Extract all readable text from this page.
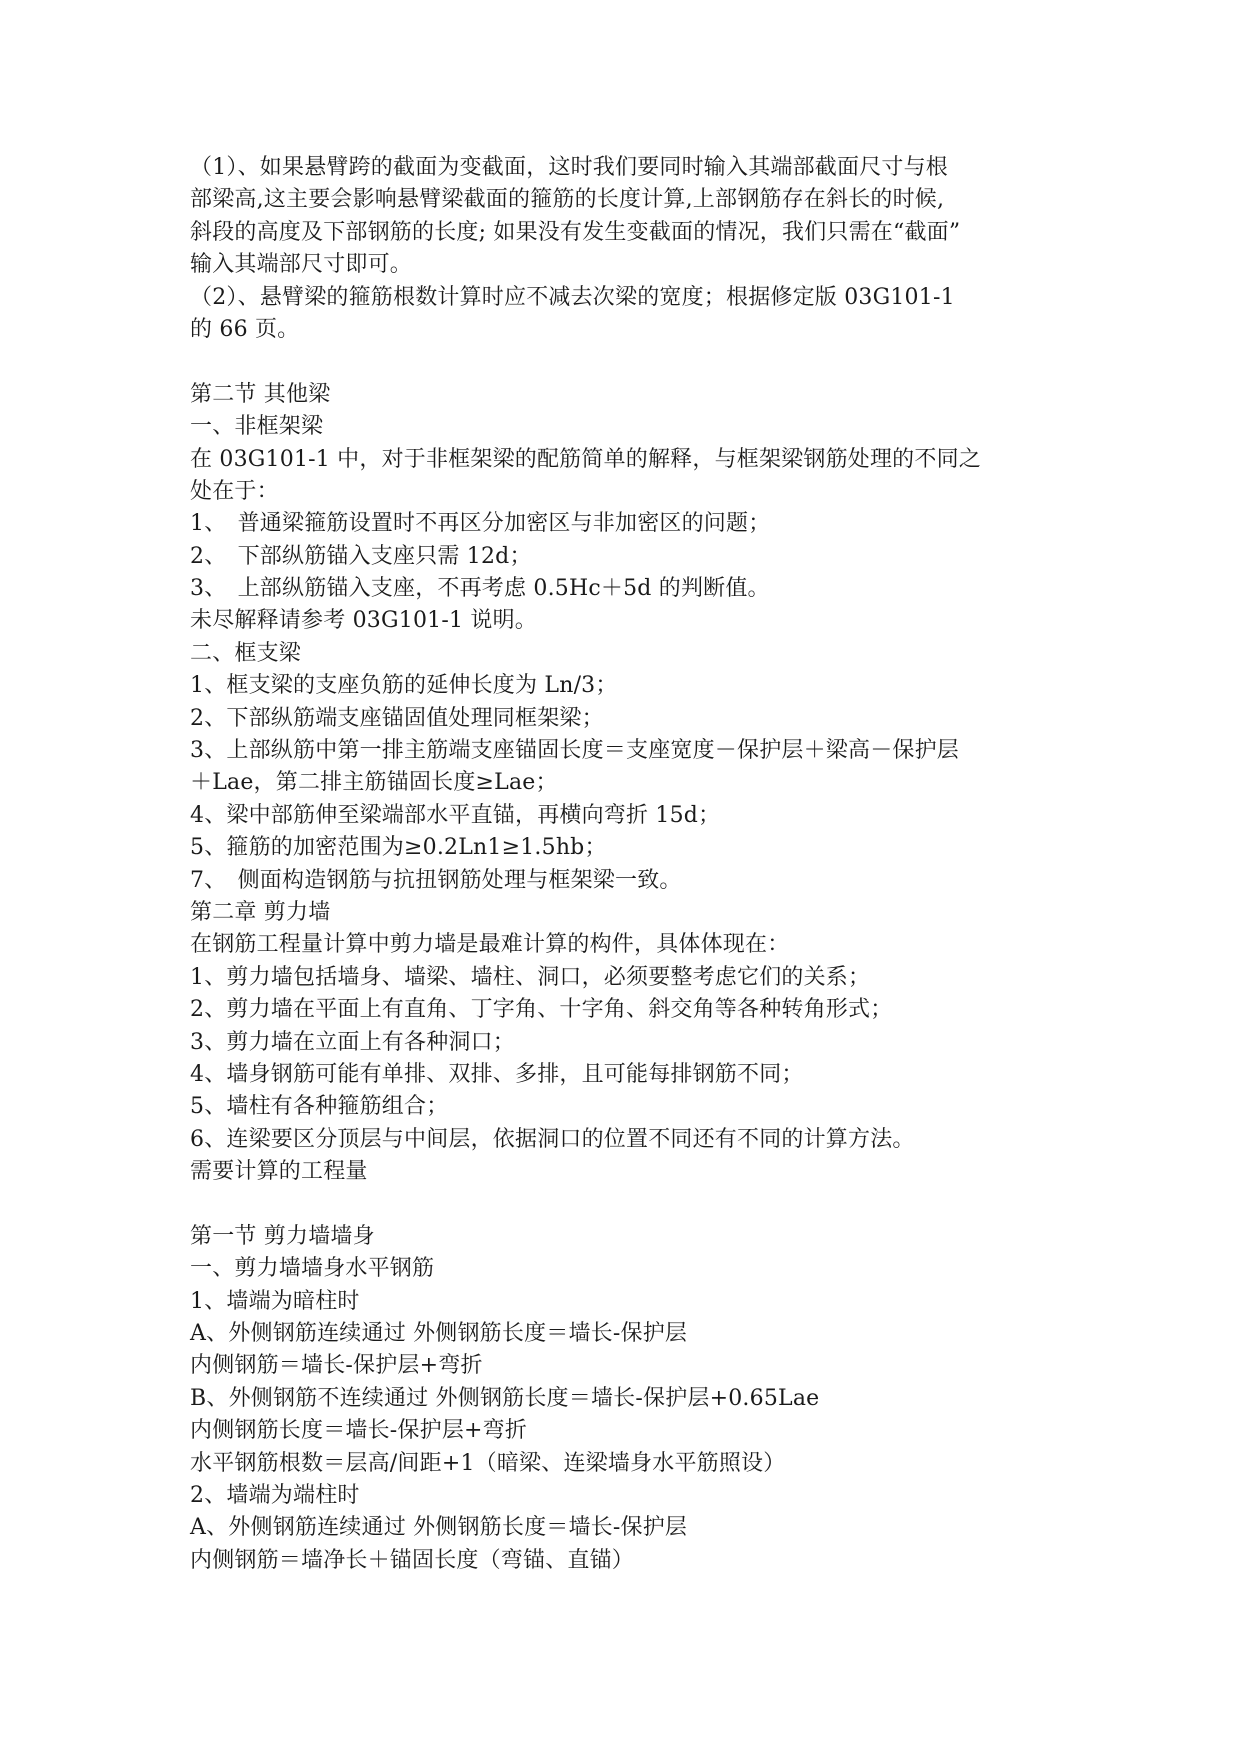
（1）、如果悬臂跨的截面为变截面，这时我们要同时输入其端部截面尺寸与根
部梁高,这主要会影响悬臂梁截面的箍筋的长度计算,上部钢筋存在斜长的时候,
斜段的高度及下部钢筋的长度; 如果没有发生变截面的情况，我们只需在“截面”
输入其端部尺寸即可。
（2）、悬臂梁的箍筋根数计算时应不减去次梁的宽度；根据修定版 03G101-1
的 66 页。
第二节 其他梁
一、非框架梁
在 03G101-1 中，对于非框架梁的配筋简单的解释，与框架梁钢筋处理的不同之
处在于：
1、　普通梁箍筋设置时不再区分加密区与非加密区的问题；
2、　下部纵筋锚入支座只需 12d；
3、　上部纵筋锚入支座，不再考虑 0.5Hc＋5d 的判断值。
未尽解释请参考 03G101-1 说明。
二、框支梁
1、框支梁的支座负筋的延伸长度为 Ln/3；
2、下部纵筋端支座锚固值处理同框架梁；
3、上部纵筋中第一排主筋端支座锚固长度＝支座宽度－保护层＋梁高－保护层
＋Lae，第二排主筋锚固长度≥Lae；
4、梁中部筋伸至梁端部水平直锚，再横向弯折 15d；
5、箍筋的加密范围为≥0.2Ln1≥1.5hb；
7、　侧面构造钢筋与抗扭钢筋处理与框架梁一致。
第二章 剪力墙
在钢筋工程量计算中剪力墙是最难计算的构件，具体体现在：
1、剪力墙包括墙身、墙梁、墙柱、洞口，必须要整考虑它们的关系；
2、剪力墙在平面上有直角、丁字角、十字角、斜交角等各种转角形式；
3、剪力墙在立面上有各种洞口；
4、墙身钢筋可能有单排、双排、多排，且可能每排钢筋不同；
5、墙柱有各种箍筋组合；
6、连梁要区分顶层与中间层，依据洞口的位置不同还有不同的计算方法。
需要计算的工程量
第一节 剪力墙墙身
一、剪力墙墙身水平钢筋
1、墙端为暗柱时
A、外侧钢筋连续通过 外侧钢筋长度＝墙长-保护层
内侧钢筋＝墙长-保护层+弯折
B、外侧钢筋不连续通过 外侧钢筋长度＝墙长-保护层+0.65Lae
内侧钢筋长度＝墙长-保护层+弯折
水平钢筋根数＝层高/间距+1（暗梁、连梁墙身水平筋照设）
2、墙端为端柱时
A、外侧钢筋连续通过 外侧钢筋长度＝墙长-保护层
内侧钢筋＝墙净长＋锚固长度（弯锚、直锚）
